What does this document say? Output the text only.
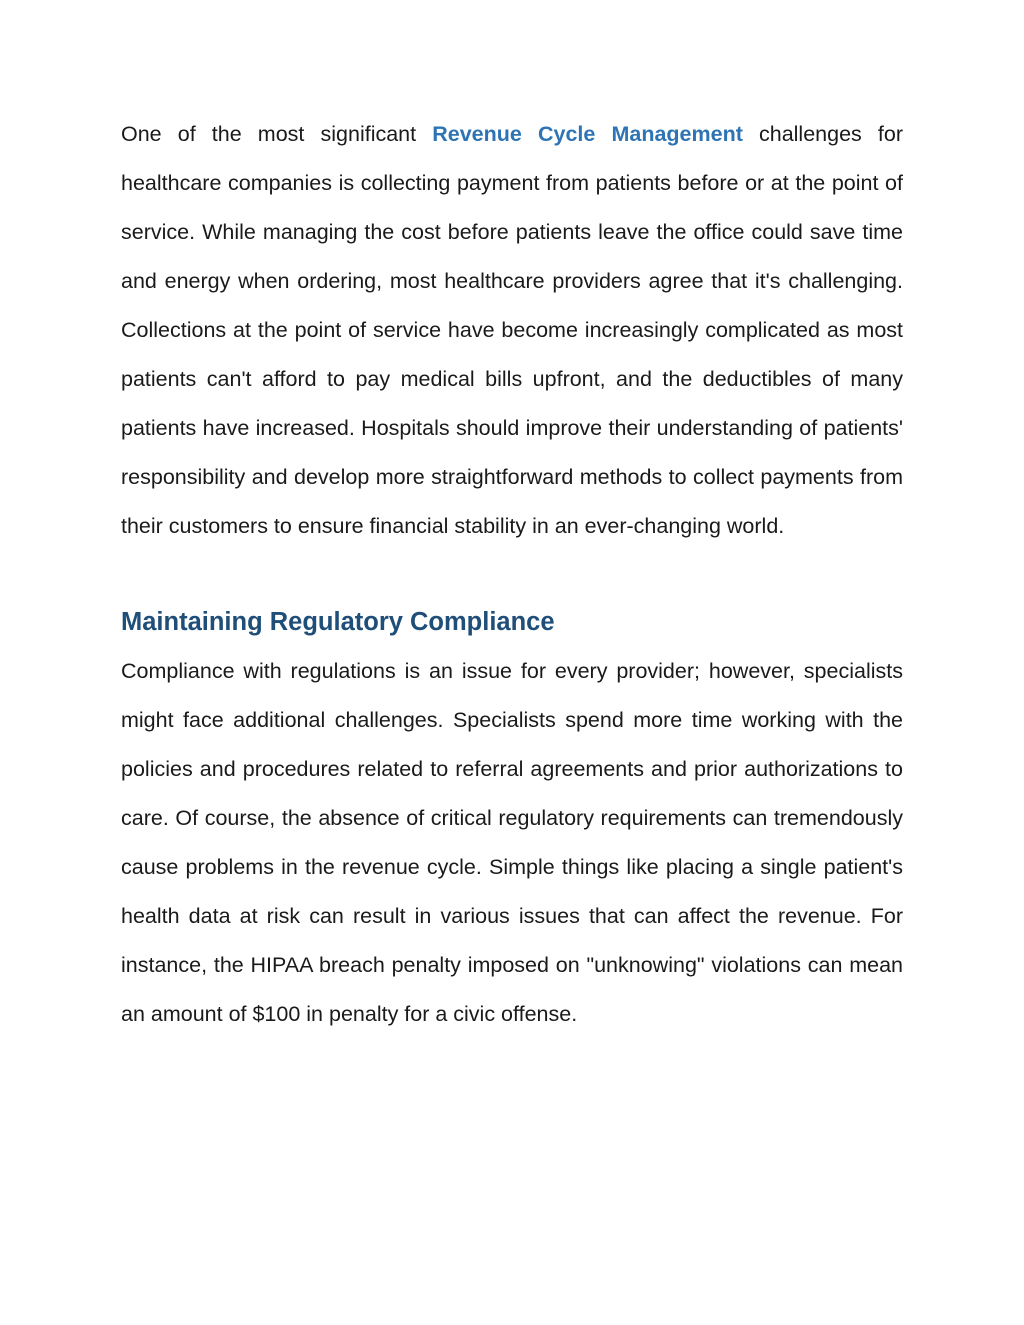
One of the most significant Revenue Cycle Management challenges for healthcare companies is collecting payment from patients before or at the point of service. While managing the cost before patients leave the office could save time and energy when ordering, most healthcare providers agree that it's challenging. Collections at the point of service have become increasingly complicated as most patients can't afford to pay medical bills upfront, and the deductibles of many patients have increased. Hospitals should improve their understanding of patients' responsibility and develop more straightforward methods to collect payments from their customers to ensure financial stability in an ever-changing world.

Maintaining Regulatory Compliance

Compliance with regulations is an issue for every provider; however, specialists might face additional challenges. Specialists spend more time working with the policies and procedures related to referral agreements and prior authorizations to care. Of course, the absence of critical regulatory requirements can tremendously cause problems in the revenue cycle. Simple things like placing a single patient's health data at risk can result in various issues that can affect the revenue. For instance, the HIPAA breach penalty imposed on "unknowing" violations can mean an amount of $100 in penalty for a civic offense.
